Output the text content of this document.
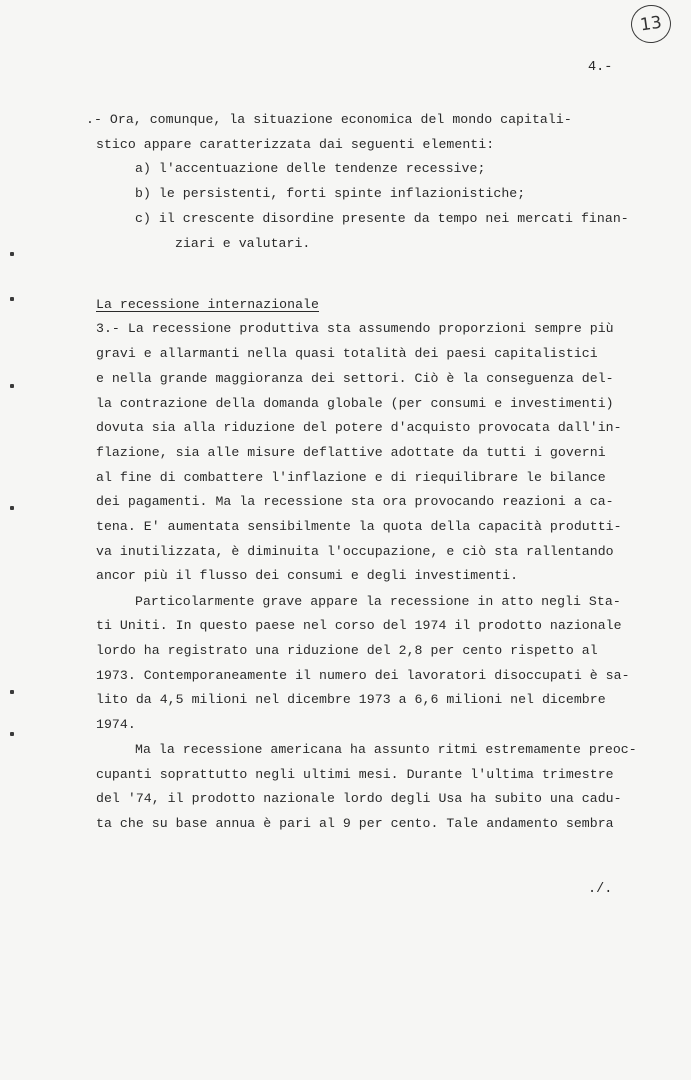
13
4.-
.- Ora, comunque, la situazione economica del mondo capitali-
stico appare caratterizzata dai seguenti elementi:
a) l'accentuazione delle tendenze recessive;
b) le persistenti, forti spinte inflazionistiche;
c) il crescente disordine presente da tempo nei mercati finan-
ziari e valutari.
La recessione internazionale
3.- La recessione produttiva sta assumendo proporzioni sempre più
gravi e allarmanti nella quasi totalità dei paesi capitalistici
e nella grande maggioranza dei settori. Ciò è la conseguenza del-
la contrazione della domanda globale (per consumi e investimenti)
dovuta sia alla riduzione del potere d'acquisto provocata dall'in-
flazione, sia alle misure deflattive adottate da tutti i governi
al fine di combattere l'inflazione e di riequilibrare le bilance
dei pagamenti. Ma la recessione sta ora provocando reazioni a ca-
tena. E' aumentata sensibilmente la quota della capacità produtti-
va inutilizzata, è diminuita l'occupazione, e ciò sta rallentando
ancor più il flusso dei consumi e degli investimenti.
Particolarmente grave appare la recessione in atto negli Sta-
ti Uniti. In questo paese nel corso del 1974 il prodotto nazionale
lordo ha registrato una riduzione del 2,8 per cento rispetto al
1973. Contemporaneamente il numero dei lavoratori disoccupati è sa-
lito da 4,5 milioni nel dicembre 1973 a 6,6 milioni nel dicembre
1974.
Ma la recessione americana ha assunto ritmi estremamente preoc-
cupanti soprattutto negli ultimi mesi. Durante l'ultima trimestre
del '74, il prodotto nazionale lordo degli Usa ha subito una cadu-
ta che su base annua è pari al 9 per cento. Tale andamento sembra
./.
